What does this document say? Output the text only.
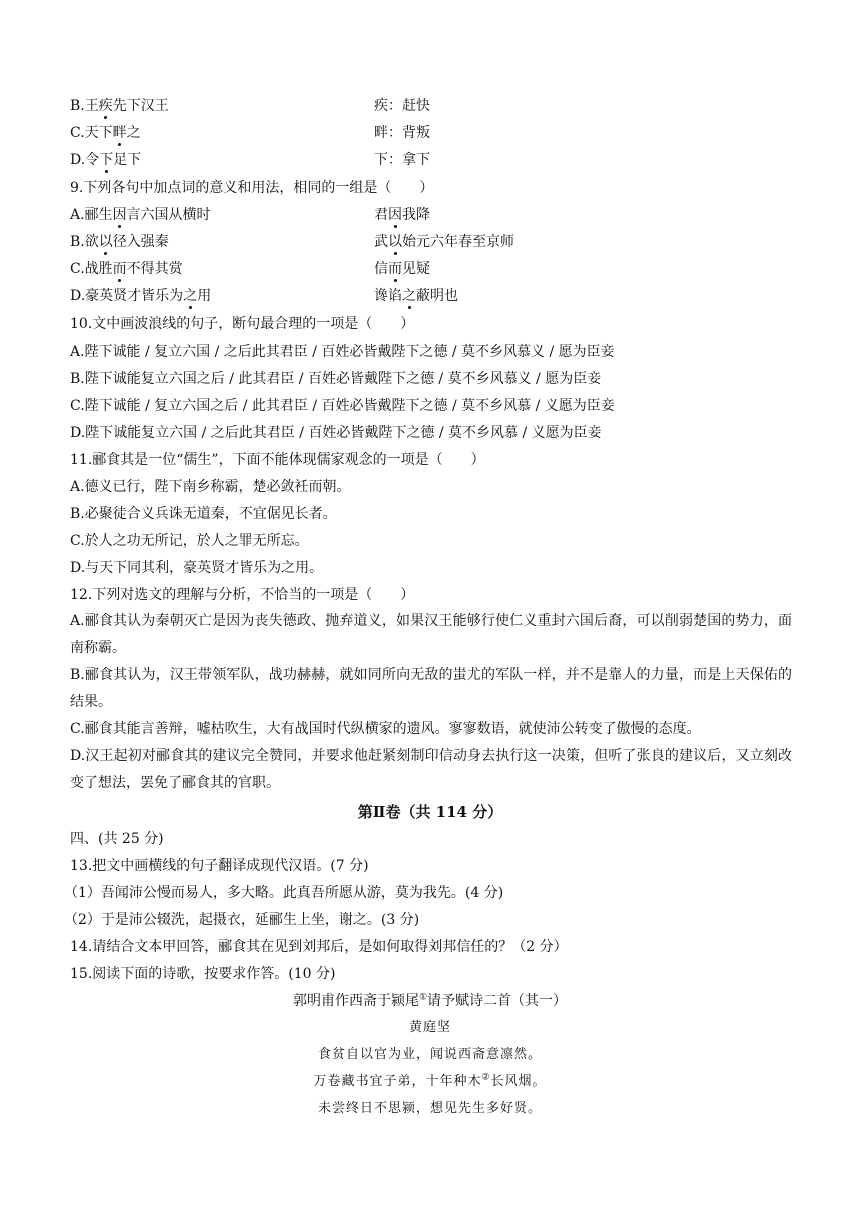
B.王疾先下汉王	疾：赶快
C.天下畔之	畔：背叛
D.令下足下	下：拿下
9.下列各句中加点词的意义和用法，相同的一组是（　　）
A.郦生因言六国从横时	君因我降
B.欲以径入强秦	武以始元六年春至京师
C.战胜而不得其赏	信而见疑
D.豪英贤才皆乐为之用	谗谄之蔽明也
10.文中画波浪线的句子，断句最合理的一项是（　　）
A.陛下诚能 / 复立六国 / 之后此其君臣 / 百姓必皆戴陛下之德 / 莫不乡风慕义 / 愿为臣妾
B.陛下诚能复立六国之后 / 此其君臣 / 百姓必皆戴陛下之德 / 莫不乡风慕义 / 愿为臣妾
C.陛下诚能 / 复立六国之后 / 此其君臣 / 百姓必皆戴陛下之德 / 莫不乡风慕 / 义愿为臣妾
D.陛下诚能复立六国 / 之后此其君臣 / 百姓必皆戴陛下之德 / 莫不乡风慕 / 义愿为臣妾
11.郦食其是一位“儒生”，下面不能体现儒家观念的一项是（　　）
A.德义已行，陛下南乡称霸，楚必敛衽而朝。
B.必聚徒合义兵诛无道秦，不宜倨见长者。
C.於人之功无所记，於人之罪无所忘。
D.与天下同其利，豪英贤才皆乐为之用。
12.下列对选文的理解与分析，不恰当的一项是（　　）
A.郦食其认为秦朝灭亡是因为丧失德政、抛弃道义，如果汉王能够行使仁义重封六国后裔，可以削弱楚国的势力，面南称霸。
B.郦食其认为，汉王带领军队，战功赫赫，就如同所向无敌的蚩尤的军队一样，并不是靠人的力量，而是上天保佑的结果。
C.郦食其能言善辩，嘘枯吹生，大有战国时代纵横家的遗风。寥寥数语，就使沛公转变了傲慢的态度。
D.汉王起初对郦食其的建议完全赞同，并要求他赶紧刻制印信动身去执行这一决策，但听了张良的建议后，又立刻改变了想法，罢免了郦食其的官职。
第Ⅱ卷（共 114 分）
四、(共 25 分)
13.把文中画横线的句子翻译成现代汉语。(7 分)
（1）吾闻沛公慢而易人，多大略。此真吾所愿从游，莫为我先。(4 分)
（2）于是沛公辍洗，起摄衣，延郦生上坐，谢之。(3 分)
14.请结合文本甲回答，郦食其在见到刘邦后，是如何取得刘邦信任的？（2 分）
15.阅读下面的诗歌，按要求作答。(10 分)
郭明甫作西斋于颍尾①请予赋诗二首（其一）
黄庭坚
食贫自以官为业，闻说西斋意凛然。
万卷藏书宜子弟，十年种木②长风烟。
未尝终日不思颍，想见先生多好贤。
